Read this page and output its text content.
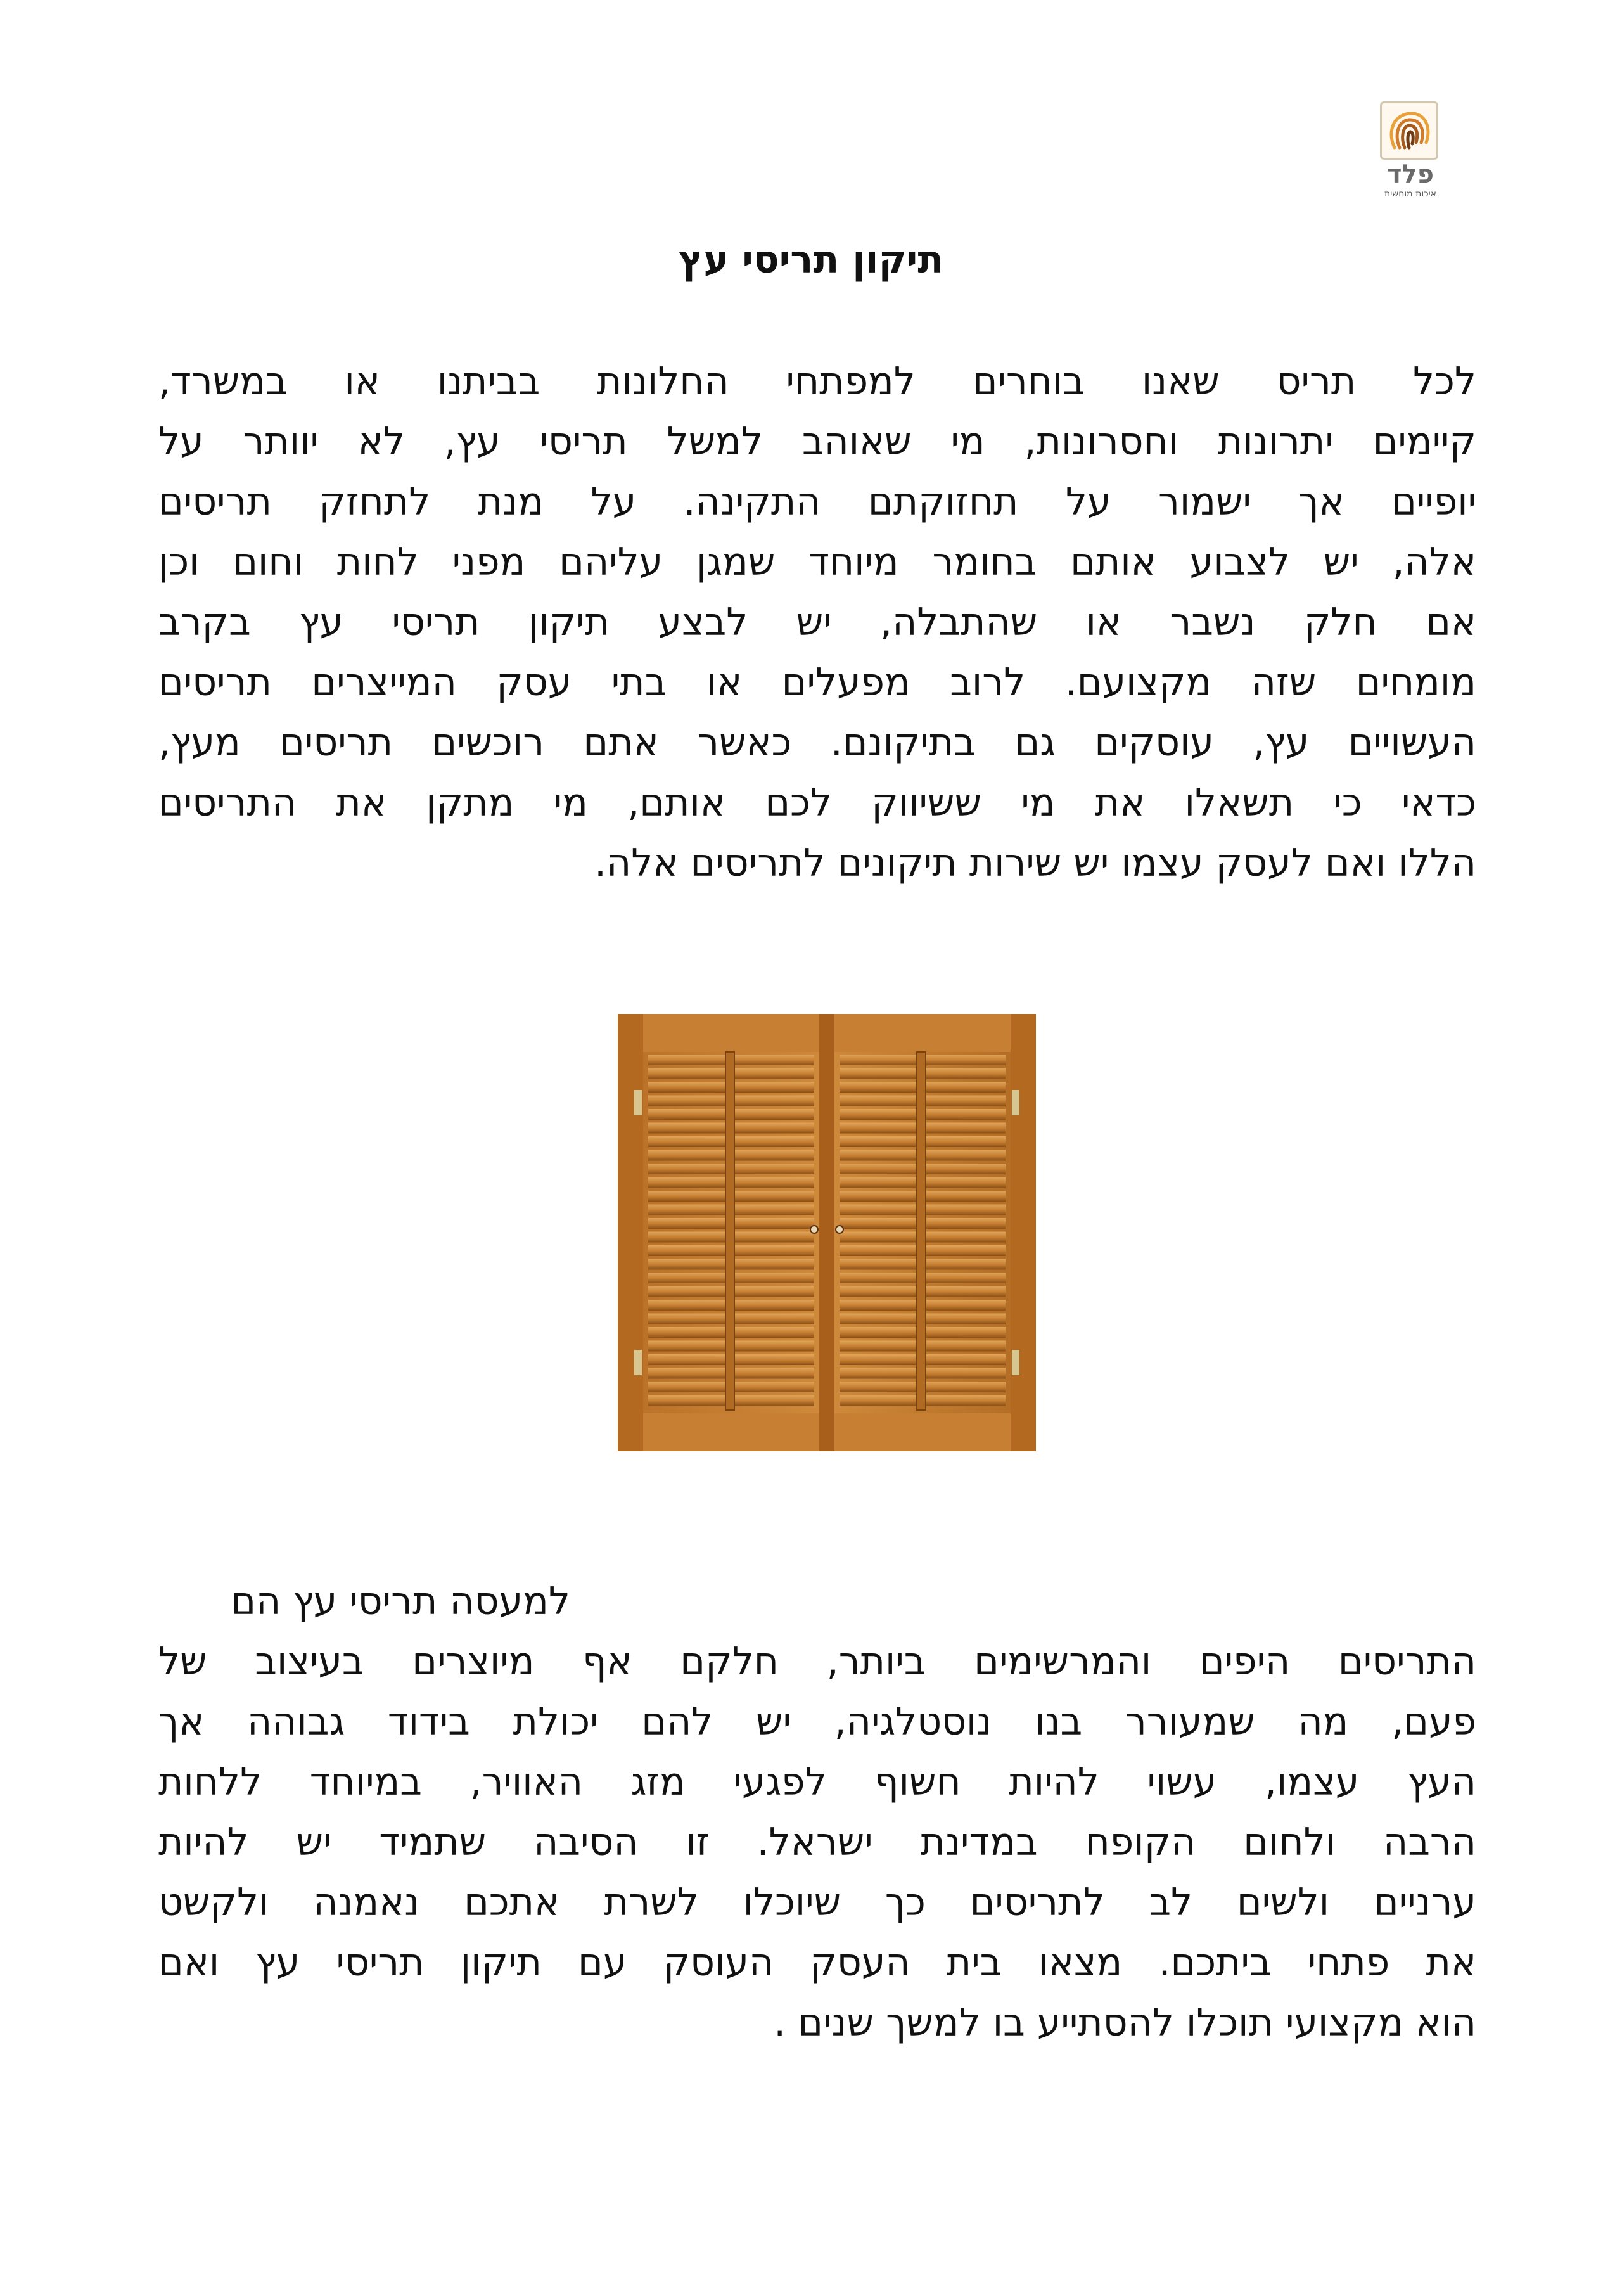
פלד
איכות מוחשית
תיקון תריסי עץ
לכל תריס שאנו בוחרים למפתחי החלונות בביתנו או במשרד,
קיימים יתרונות וחסרונות, מי שאוהב למשל תריסי עץ, לא יוותר על
יופיים אך ישמור על תחזוקתם התקינה. על מנת לתחזק תריסים
אלה, יש לצבוע אותם בחומר מיוחד שמגן עליהם מפני לחות וחום וכן
אם חלק נשבר או שהתבלה, יש לבצע תיקון תריסי עץ בקרב
מומחים שזה מקצועם. לרוב מפעלים או בתי עסק המייצרים תריסים
העשויים עץ, עוסקים גם בתיקונם. כאשר אתם רוכשים תריסים מעץ,
כדאי כי תשאלו את מי ששיווק לכם אותם, מי מתקן את התריסים
הללו ואם לעסק עצמו יש שירות תיקונים לתריסים אלה.
למעסה תריסי עץ הם
התריסים היפים והמרשימים ביותר, חלקם אף מיוצרים בעיצוב של
פעם, מה שמעורר בנו נוסטלגיה, יש להם יכולת בידוד גבוהה אך
העץ עצמו, עשוי להיות חשוף לפגעי מזג האוויר, במיוחד ללחות
הרבה ולחום הקופח במדינת ישראל. זו הסיבה שתמיד יש להיות
ערניים ולשים לב לתריסים כך שיוכלו לשרת אתכם נאמנה ולקשט
את פתחי ביתכם. מצאו בית העסק העוסק עם תיקון תריסי עץ ואם
הוא מקצועי תוכלו להסתייע בו למשך שנים .
